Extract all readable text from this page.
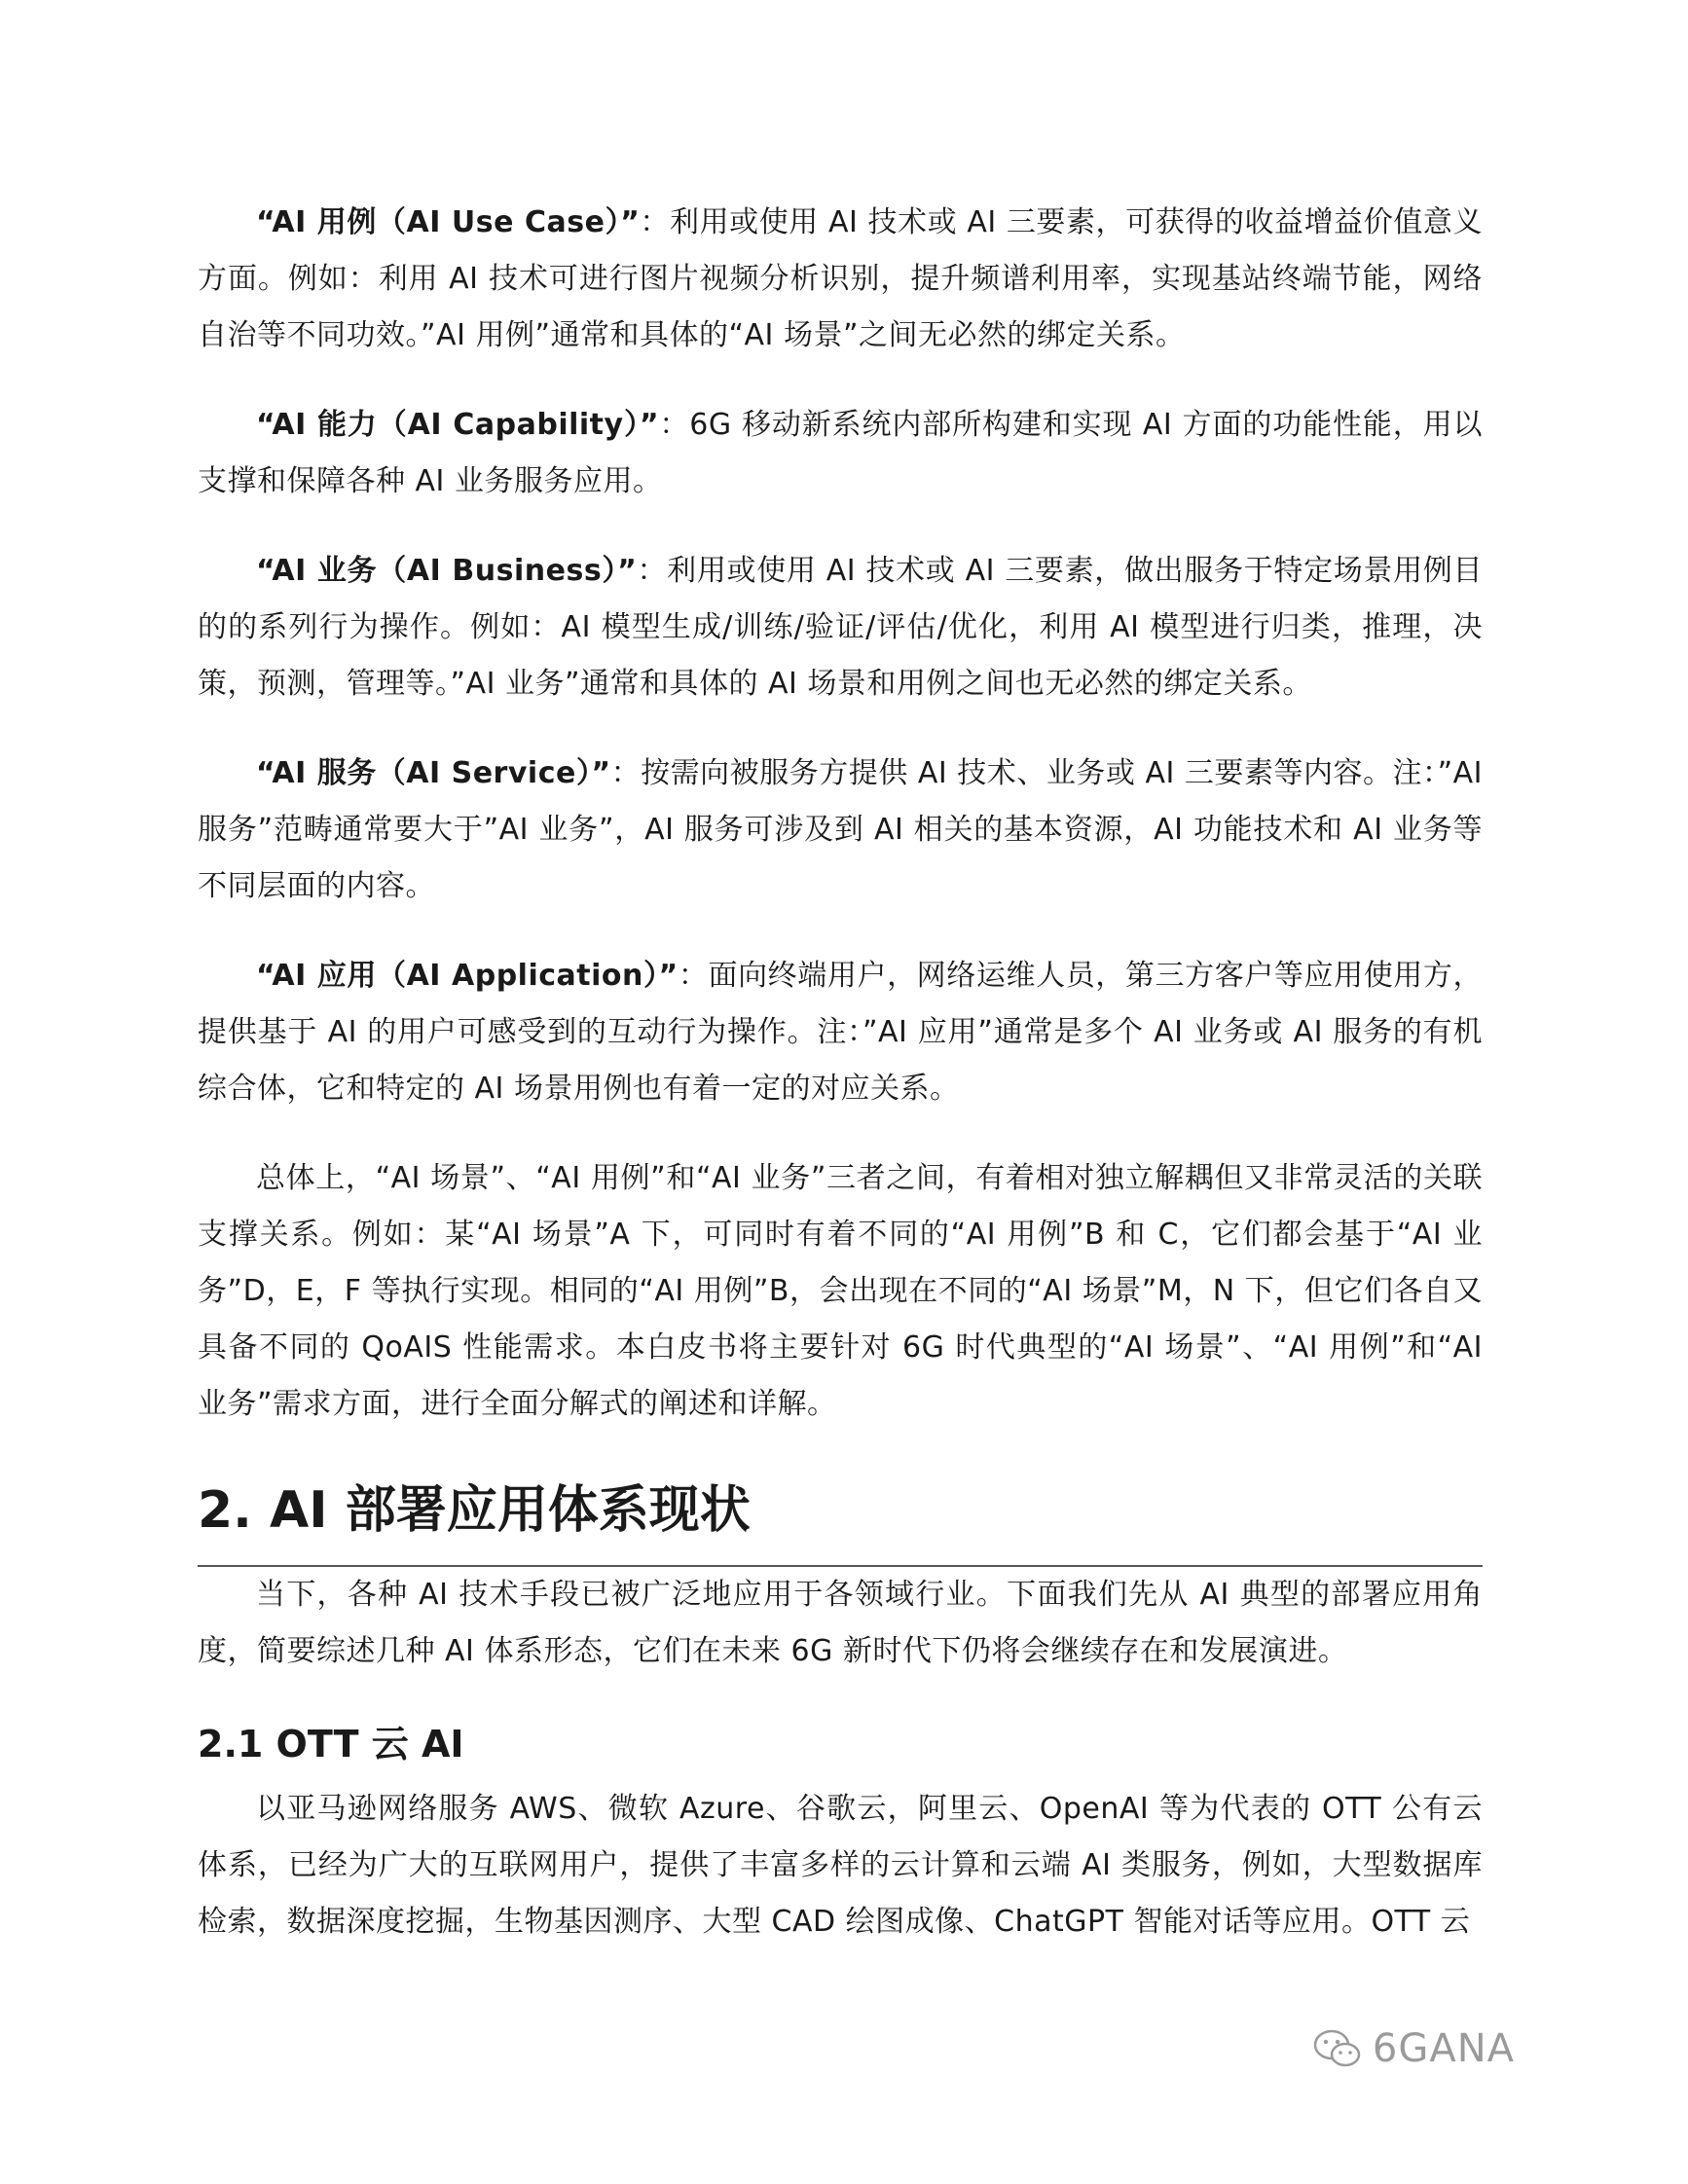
“AI 用例（AI Use Case）”：利用或使用 AI 技术或 AI 三要素，可获得的收益增益价值意义方面。例如：利用 AI 技术可进行图片视频分析识别，提升频谱利用率，实现基站终端节能，网络自治等不同功效。”AI 用例”通常和具体的“AI 场景”之间无必然的绑定关系。

“AI 能力（AI Capability）”：6G 移动新系统内部所构建和实现 AI 方面的功能性能，用以支撑和保障各种 AI 业务服务应用。

“AI 业务（AI Business）”：利用或使用 AI 技术或 AI 三要素，做出服务于特定场景用例目的的系列行为操作。例如：AI 模型生成/训练/验证/评估/优化，利用 AI 模型进行归类，推理，决策，预测，管理等。”AI 业务”通常和具体的 AI 场景和用例之间也无必然的绑定关系。

“AI 服务（AI Service）”：按需向被服务方提供 AI 技术、业务或 AI 三要素等内容。注：”AI 服务”范畴通常要大于”AI 业务”，AI 服务可涉及到 AI 相关的基本资源，AI 功能技术和 AI 业务等不同层面的内容。

“AI 应用（AI Application）”：面向终端用户，网络运维人员，第三方客户等应用使用方，提供基于 AI 的用户可感受到的互动行为操作。注：”AI 应用”通常是多个 AI 业务或 AI 服务的有机综合体，它和特定的 AI 场景用例也有着一定的对应关系。

总体上，“AI 场景”、“AI 用例”和“AI 业务”三者之间，有着相对独立解耦但又非常灵活的关联支撑关系。例如：某“AI 场景”A 下，可同时有着不同的“AI 用例”B 和 C，它们都会基于“AI 业务”D，E，F 等执行实现。相同的“AI 用例”B，会出现在不同的“AI 场景”M，N 下，但它们各自又具备不同的 QoAIS 性能需求。本白皮书将主要针对 6G 时代典型的“AI 场景”、“AI 用例”和“AI 业务”需求方面，进行全面分解式的阐述和详解。

2. AI 部署应用体系现状

当下，各种 AI 技术手段已被广泛地应用于各领域行业。下面我们先从 AI 典型的部署应用角度，简要综述几种 AI 体系形态，它们在未来 6G 新时代下仍将会继续存在和发展演进。

2.1 OTT 云 AI

以亚马逊网络服务 AWS、微软 Azure、谷歌云，阿里云、OpenAI 等为代表的 OTT 公有云体系，已经为广大的互联网用户，提供了丰富多样的云计算和云端 AI 类服务，例如，大型数据库检索，数据深度挖掘，生物基因测序、大型 CAD 绘图成像、ChatGPT 智能对话等应用。OTT 云

6GANA
